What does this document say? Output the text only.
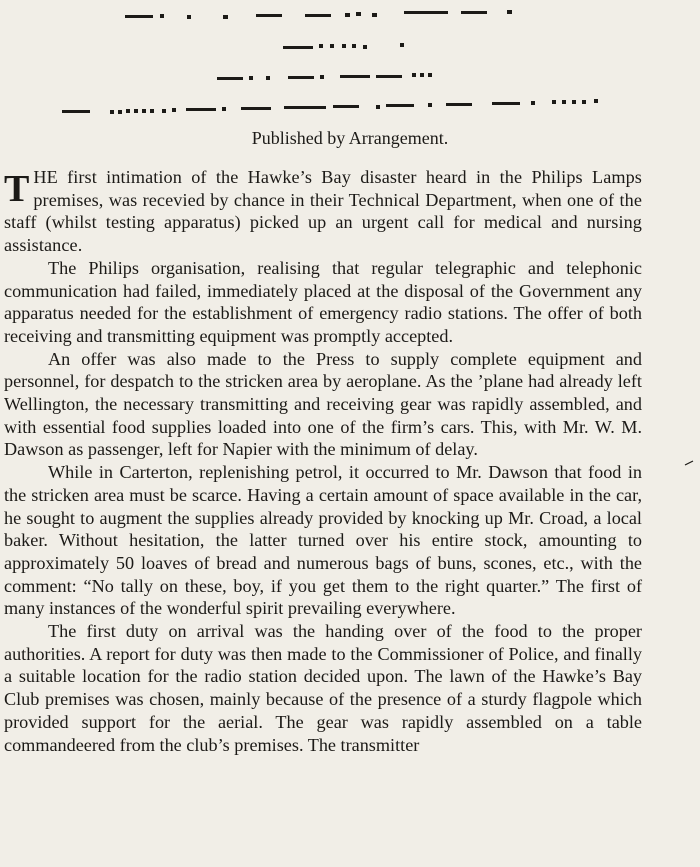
Published by Arrangement.

THE first intimation of the Hawke’s Bay disaster heard in the Philips Lamps premises, was recevied by chance in their Technical Department, when one of the staff (whilst testing apparatus) picked up an urgent call for medical and nursing assistance.

The Philips organisation, realising that regular telegraphic and telephonic communication had failed, immediately placed at the disposal of the Government any apparatus needed for the establishment of emergency radio stations. The offer of both receiving and transmitting equipment was promptly accepted.

An offer was also made to the Press to supply complete equipment and personnel, for despatch to the stricken area by aeroplane. As the ’plane had already left Wellington, the necessary transmitting and receiving gear was rapidly assembled, and with essential food supplies loaded into one of the firm’s cars. This, with Mr. W. M. Dawson as passenger, left for Napier with the minimum of delay.

While in Carterton, replenishing petrol, it occurred to Mr. Dawson that food in the stricken area must be scarce. Having a certain amount of space available in the car, he sought to augment the supplies already provided by knocking up Mr. Croad, a local baker. Without hesitation, the latter turned over his entire stock, amounting to approximately 50 loaves of bread and numerous bags of buns, scones, etc., with the comment: “No tally on these, boy, if you get them to the right quarter.” The first of many instances of the wonderful spirit prevailing everywhere.

The first duty on arrival was the handing over of the food to the proper authorities. A report for duty was then made to the Commissioner of Police, and finally a suitable location for the radio station decided upon. The lawn of the Hawke’s Bay Club premises was chosen, mainly because of the presence of a sturdy flagpole which provided support for the aerial. The gear was rapidly assembled on a table commandeered from the club’s premises. The transmitter
